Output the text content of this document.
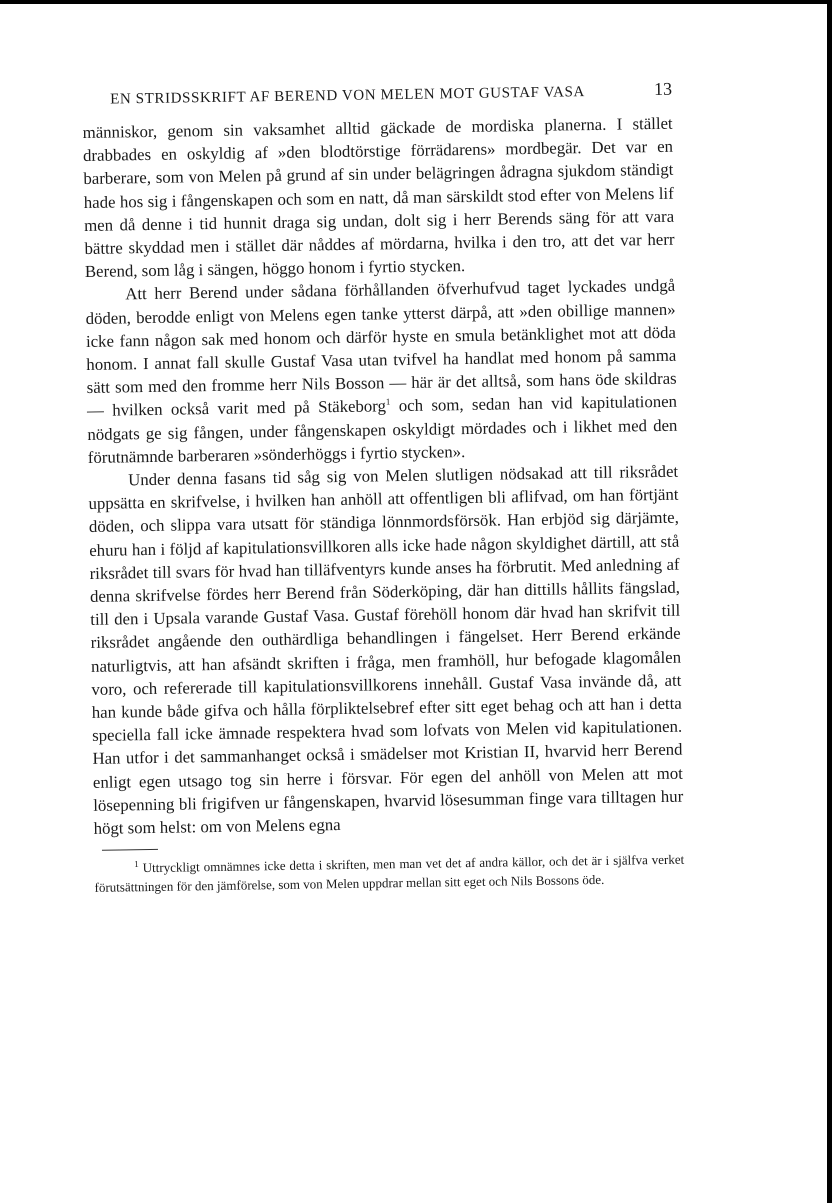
EN STRIDSSKRIFT AF BEREND VON MELEN MOT GUSTAF VASA	13

människor, genom sin vaksamhet alltid gäckade de mordiska planerna. I stället drabbades en oskyldig af »den blodtörstige förrädarens» mordbegär. Det var en barberare, som von Melen på grund af sin under belägringen ådragna sjukdom ständigt hade hos sig i fångenskapen och som en natt, då man särskildt stod efter von Melens lif men då denne i tid hunnit draga sig undan, dolt sig i herr Berends säng för att vara bättre skyddad men i stället där nåddes af mördarna, hvilka i den tro, att det var herr Berend, som låg i sängen, höggo honom i fyrtio stycken.

Att herr Berend under sådana förhållanden öfverhufvud taget lyckades undgå döden, berodde enligt von Melens egen tanke ytterst därpå, att »den obillige mannen» icke fann någon sak med honom och därför hyste en smula betänklighet mot att döda honom. I annat fall skulle Gustaf Vasa utan tvifvel ha handlat med honom på samma sätt som med den fromme herr Nils Bosson — här är det alltså, som hans öde skildras — hvilken också varit med på Stäkeborg$^1$ och som, sedan han vid kapitulationen nödgats ge sig fången, under fångenskapen oskyldigt mördades och i likhet med den förutnämnde barberaren »sönderhöggs i fyrtio stycken».

Under denna fasans tid såg sig von Melen slutligen nödsakad att till riksrådet uppsätta en skrifvelse, i hvilken han anhöll att offentligen bli aflifvad, om han förtjänt döden, och slippa vara utsatt för ständiga lönnmordsförsök. Han erbjöd sig därjämte, ehuru han i följd af kapitulationsvillkoren alls icke hade någon skyldighet därtill, att stå riksrådet till svars för hvad han tilläfventyrs kunde anses ha förbrutit. Med anledning af denna skrifvelse fördes herr Berend från Söderköping, där han dittills hållits fängslad, till den i Upsala varande Gustaf Vasa. Gustaf förehöll honom där hvad han skrifvit till riksrådet angående den outhärdliga behandlingen i fängelset. Herr Berend erkände naturligtvis, att han afsändt skriften i fråga, men framhöll, hur befogade klagomålen voro, och refererade till kapitulationsvillkorens innehåll. Gustaf Vasa invände då, att han kunde både gifva och hålla förpliktelsebref efter sitt eget behag och att han i detta speciella fall icke ämnade respektera hvad som lofvats von Melen vid kapitulationen. Han utfor i det sammanhanget också i smädelser mot Kristian II, hvarvid herr Berend enligt egen utsago tog sin herre i försvar. För egen del anhöll von Melen att mot lösepenning bli frigifven ur fångenskapen, hvarvid lösesumman finge vara tilltagen hur högt som helst: om von Melens egna

$^1$ Uttryckligt omnämnes icke detta i skriften, men man vet det af andra källor, och det är i själfva verket förutsättningen för den jämförelse, som von Melen uppdrar mellan sitt eget och Nils Bossons öde.
